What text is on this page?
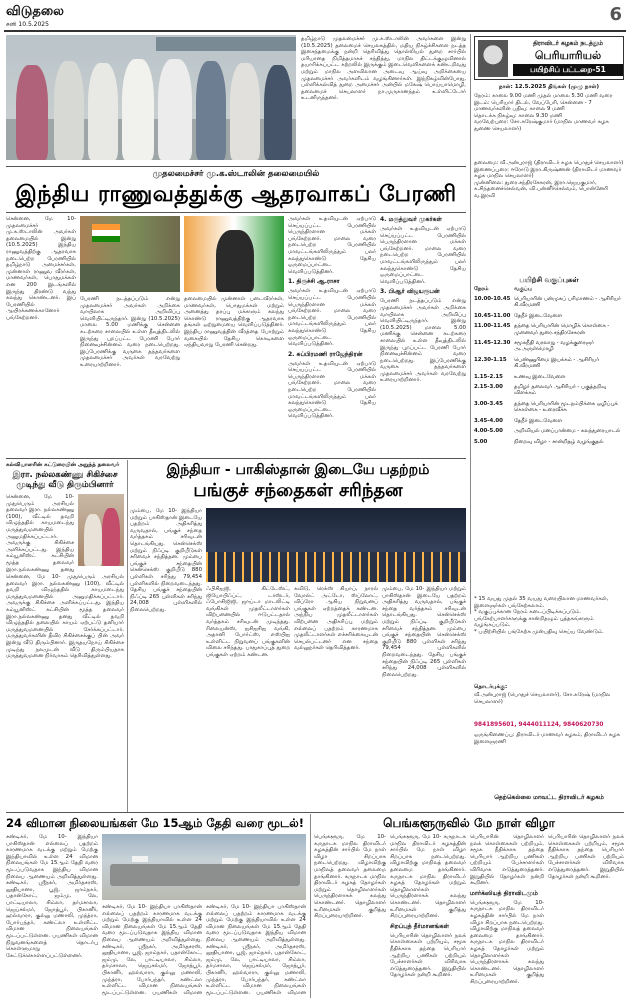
விடுதலை
சனி 10.5.2025	6
தமிழ்நாடு முதலமைச்சர் மு.க.ஸ்டாலின் அவர்களை இன்று (10.5.2025) தலைமைச் செயலகத்தில், மதிய நிகழ்ச்சிகளை நடத்த இசைந்தமைக்கு நன்றி தெரிவித்து தொல்லியல் துறை சார்பில் மரியாதை நிமித்தமாகச் சந்தித்து, மாநில திட்டக்குழுவினால் தயாரிக்கப்பட்ட கற்றலில் இருக்கும் இடைவெளிகளைக் கண்டறிவது மற்றும் மாநில அளவிலான அடைவு ஆய்வு அறிக்கையை முதலமைச்சர் அவர்களிடம் வழங்கினார்கள். இந்நிகழ்வின்போது, பள்ளிக்கல்வித் துறை அமைச்சர் அன்பில் மகேஷ் பொய்யாமொழி, தலைமைச் செயலாளர் நா.முருகானந்தம் உள்ளிட்டோர் உடனிருந்தனர்.
முதலமைச்சர் மு.க.ஸ்டாலின் தலைமையில்
இந்திய ராணுவத்துக்கு ஆதரவாகப் பேரணி
சென்னை, மே 10- முதலமைச்சர் மு.க.ஸ்டாலின் அவர்கள் தலைமையில் இன்று (10.5.2025) இந்திய ராணுவத்திற்கு ஆதரவாக நடைபெற்ற பேரணியில் தமிழ்நாடு அமைச்சர்கள், முன்னாள் ராணுவ வீரர்கள், மாணவர்கள், பொதுமக்கள் என 200 இடங்களில் இருந்து திரண்டு வந்து கலந்து கொண்டனர். இப் பேரணியில் ஆயிரக்கணக்கானோர் பங்கேற்றனர்.
பேரணி நடத்தப்படும் என்று முதலமைச்சர் அவர்கள் அறிக்கை வாயிலாக அறிவிப்பு வெளியிட்டிருந்தார். இன்று (10.5.2025) மாலை 5.00 மணிக்கு சென்னை கடற்கரை சாலையில் உள்ள தீவுத்திடலில் இருந்து புறப்பட்ட பேரணி போர் நினைவுச்சின்னம் வரை நடைபெற்றது. இப்பேரணிக்கு வருகை தந்தவர்களை முதலமைச்சர் அவர்கள் வரவேற்று உரையாற்றினார்.
தலைமையில் முன்னாள் படைவீரர்கள், மாணவர்கள், பொதுமக்கள் மற்றும் அனைத்து தரப்பு மக்களும் கலந்து கொண்டு ராணுவத்திற்கு ஆதரவாக தங்கள் ஒற்றுமையை வெளிப்படுத்தினர். இந்திய ராணுவத்தின் வீரத்தை போற்றும் வகையில் தேசிய கொடிகளை ஏந்தியவாறு பேரணி சென்றது.
அவர்கள் உதவியுடன் ஏற்பாடு செய்யப்பட்ட பேரணியில் பெருந்திரளான மக்கள் பங்கேற்றனர். மாலை வரை நடைபெற்ற பேரணியில் மாவட்டங்களிலிருந்தும் பலர் கலந்துகொண்டு தேசிய ஒருமைப்பாட்டை வெளிப்படுத்தினர்.
1. திருச்சி ஆ.ராசா
அவர்கள் உதவியுடன் ஏற்பாடு செய்யப்பட்ட பேரணியில் பெருந்திரளான மக்கள் பங்கேற்றனர். மாலை வரை நடைபெற்ற பேரணியில் மாவட்டங்களிலிருந்தும் பலர் கலந்துகொண்டு தேசிய ஒருமைப்பாட்டை வெளிப்படுத்தினர்.
2. சுப்பிரமணி ராஜேந்திரன்
அவர்கள் உதவியுடன் ஏற்பாடு செய்யப்பட்ட பேரணியில் பெருந்திரளான மக்கள் பங்கேற்றனர். மாலை வரை நடைபெற்ற பேரணியில் மாவட்டங்களிலிருந்தும் பலர் கலந்துகொண்டு தேசிய ஒருமைப்பாட்டை வெளிப்படுத்தினர்.
4. மருத்துவர் முகர்கள்
அவர்கள் உதவியுடன் ஏற்பாடு செய்யப்பட்ட பேரணியில் பெருந்திரளான மக்கள் பங்கேற்றனர். மாலை வரை நடைபெற்ற பேரணியில் மாவட்டங்களிலிருந்தும் பலர் கலந்துகொண்டு தேசிய ஒருமைப்பாட்டை வெளிப்படுத்தினர்.
3. பிஆர் விஜயரூபன்
பேரணி நடத்தப்படும் என்று முதலமைச்சர் அவர்கள் அறிக்கை வாயிலாக அறிவிப்பு வெளியிட்டிருந்தார். இன்று (10.5.2025) மாலை 5.00 மணிக்கு சென்னை கடற்கரை சாலையில் உள்ள தீவுத்திடலில் இருந்து புறப்பட்ட பேரணி போர் நினைவுச்சின்னம் வரை நடைபெற்றது. இப்பேரணிக்கு வருகை தந்தவர்களை முதலமைச்சர் அவர்கள் வரவேற்று உரையாற்றினார்.
கல்வியாளரின் கட்டுரையின் அறுந்த் தலைவர்
இரா. நல்லகண்ணு சிகிச்சை முடிந்து வீடு திரும்பினார்
சென்னை, மே 10- முதுபெரும் அரசியல் தலைவர் இரா. நல்லகண்ணு (100), வீட்டில் தவறி விழுந்ததில் காயமடைந்து மருத்துவமனையில் அனுமதிக்கப்பட்டார். அவருக்கு சிகிச்சை அளிக்கப்பட்டது. இந்திய கம்யூனிஸ்ட் கட்சியின் மூத்த தலைவர் இரா.நல்லகண்ணு தனது
சென்னை, மே 10- முதுபெரும் அரசியல் தலைவர் இரா. நல்லகண்ணு (100), வீட்டில் தவறி விழுந்ததில் காயமடைந்து மருத்துவமனையில் அனுமதிக்கப்பட்டார். அவருக்கு சிகிச்சை அளிக்கப்பட்டது. இந்திய கம்யூனிஸ்ட் கட்சியின் மூத்த தலைவர் இரா.நல்லகண்ணு தனது வீட்டில் தவறி விழுந்ததில் தலையில் காயம் ஏற்பட்டு தனியார் மருத்துவமனையில் சேர்க்கப்பட்டார். மருத்துவர்களின் தீவிர சிகிச்சைக்குப் பின் அவர் இன்று வீடு திரும்பினார். இருதயநோய் சிகிச்சை முடிந்து நலமுடன் வீடு திரும்பியதாக மருத்துவமனை நிர்வாகம் தெரிவித்துள்ளது.
இந்தியா - பாகிஸ்தான் இடையே பதற்றம்
பங்குச் சந்தைகள் சரிந்தன
மும்பை, மே 10- இந்தியா மற்றும் பாகிஸ்தான் இடையே பதற்றம் அதிகரித்து வருவதால், பங்குச் சந்தை வர்த்தகம் சரிவுடன் தொடங்கியது. சென்செக்ஸ் மற்றும் நிஃப்டி குறியீடுகள் சரிவைச் சந்தித்தன. மும்பை பங்குச் சந்தையின் சென்செக்ஸ் குறியீடு 880 புள்ளிகள் சரிந்து 79,454 புள்ளிகளில் நிறைவடைந்தது. தேசிய பங்குச் சந்தையின் நிஃப்டி 265 புள்ளிகள் சரிந்து 24,008 புள்ளிகளில் நிலைபெற்றது.
ஃபிசிஐஜி, கிட்டேஸ்ட், ஜியோபிஃப்ட், டாஸ்டர், ஃபோசிஜிஜி, ஜாய்டா மாடலிட்டி வங்கிகள் முதலீட்டாளர்கள் விற்பனையில் ஈடுபட்டதால் வர்த்தகம் சரிவுடன் முடிந்தது. ரிலையன்ஸ், ஐசிஐசிஐ வங்கி, அதானி போர்ட்ஸ், எஸ்பிஐ உள்ளிட்ட நிறுவனப் பங்குகளின் விலை சரிந்தது. பாதுகாப்புத் துறை பங்குகள் ஏற்றம் கண்டன.
கவிடு, ரெக்ஸ் கியாப், நாரல் வோல்ட் அட்டோ, ஸ்ப்லோட், விப்ரோ ஆகிய நிறுவனப் பங்குகள் ஏற்றத்தைக் கண்டன. அந்நிய முதலீட்டாளர்கள் விற்பனை அதிகரிப்பு மற்றும் எல்லைப் பதற்றம் காரணமாக முதலீட்டாளர்கள் எச்சரிக்கையுடன் செயல்பட்டனர் என சந்தை வல்லுநர்கள் தெரிவித்தனர்.
மும்பை, மே 10- இந்தியா மற்றும் பாகிஸ்தான் இடையே பதற்றம் அதிகரித்து வருவதால், பங்குச் சந்தை வர்த்தகம் சரிவுடன் தொடங்கியது. சென்செக்ஸ் மற்றும் நிஃப்டி குறியீடுகள் சரிவைச் சந்தித்தன. மும்பை பங்குச் சந்தையின் சென்செக்ஸ் குறியீடு 880 புள்ளிகள் சரிந்து 79,454 புள்ளிகளில் நிறைவடைந்தது. தேசிய பங்குச் சந்தையின் நிஃப்டி 265 புள்ளிகள் சரிந்து 24,008 புள்ளிகளில் நிலைபெற்றது.
திராவிடர் கழகம் நடத்தும்
பெரியாரியல்
பயிற்சிப் பட்டறை-51
நாள்: 12.5.2025 திங்கள் (முழு நாள்)
நேரம்: காலை 9.00 மணி முதல் மாலை 5.30 மணி வரை
இடம்: பெரியார் திடல், வேப்பேரி, சென்னை - 7
மாணவர்களின் பதிவு: காலை 9 மணி
தொடக்க நிகழ்வு: காலை 9.30 மணி
வரவேற்புரை: சோ.சுரேஷ்குமார் (மாநில மாணவர் கழக துணை செயலாளர்)
தலைமை: வீ.அன்புராஜ் (திராவிடர் கழக பொதுச் செயலாளர்)
இணைப்புரை: ஈரோடு இரா.கிருஷ்ணன் (திராவிடர் மாணவர் கழக மாநில செயலாளர்)
முன்னிலை: துரை.சந்திரசேகரன், இரா.ஜெயகுமார், க.சிந்தனைச்செல்வன், வி.பன்னீர்செல்வம், பொன்னேரி வ.இரவி
பயிற்சி வகுப்புகள்
நேரம்	வகுப்பு
10.00-10.45 பெரியாரின் பன்முகப் பரிமாணம் - ஆசிரியர் கி.வீரமணி
10.45-11.00 தேநீர் இடைவேளை
11.00-11.45 தந்தை பெரியாரின் மொழிக் கொள்கை - முனைவர் துரை.சந்திரசேகரன்
11.45-12.30 சமூகநீதி வரலாறு - வழக்குரைஞர் அ.அருள்மொழி
12.30-1.15	பெண்ணுரிமை இயக்கம் - ஆசிரியர் கி.வீரமணி
1.15-2.15	உணவு இடைவேளை
2.15-3.00	தமிழர் தலைவர் ஆசிரியர் - பகுத்தறிவு விளக்கம்
3.00-3.45	தந்தை பெரியாரின் மூடநம்பிக்கை ஒழிப்புக் கொள்கை - உரைவீச்சு
3.45-4.00	தேநீர் இடைவேளை
4.00-5.00	அறிவியல் மனப்பான்மை - கலந்துரையாடல்
5.00	நிறைவு விழா - சான்றிதழ் வழங்குதல்
* 15 வயது முதல் 35 வயது வரையிலான மாணவர்கள், இளைஞர்கள் பங்கேற்கலாம்.
* வகுப்புக்கான நேரம் கடைப்பிடிக்கப்படும். பங்கேற்பாளர்களுக்கு சான்றிதழும் புத்தகங்களும் வழங்கப்படும்.
* பயிற்சியில் பங்கேற்க முன்பதிவு செய்ய வேண்டும்.
தொடர்புக்கு:
வீ.அன்புராஜ் (பொதுச் செயலாளர்), சோ.சுரேஷ் (மாநில செயலாளர்)
9841895601, 9444011124, 9840620730
ஒருங்கிணைப்பு: திராவிடர் மாணவர் கழகம், திராவிடர் கழக இளைஞரணி
தெற்கெல்லை மாவட்ட திராவிடர் கழகம்
24 விமான நிலையங்கள் மே 15ஆம் தேதி வரை மூடல்!
சண்டிகர், மே 10- இந்தியா பாகிஸ்தான் எல்லைப் பதற்றம் காரணமாக வடக்கு மற்றும் மேற்கு இந்தியாவில் உள்ள 24 விமான நிலையங்கள் மே 15ஆம் தேதி வரை மூடப்படுவதாக இந்திய விமான நிலைய ஆணையம் அறிவித்துள்ளது. சண்டிகர், ஸ்ரீநகர், அமிர்தசரஸ், லூதியானா, பூஜ், ஜாம்நகர், பதான்கோட், ஜம்மு, லே, பாட்டியாலா, சிம்லா, தர்மசாலா, ஜெய்சல்மர், ஜோத்பூர், பிகானீர், ஹல்வாரா, குல்லு மணாலி, முந்த்ரா, போர்பந்தர், கண்ட்லா உள்ளிட்ட விமான நிலையங்கள் மூடப்பட்டுள்ளன. பயணிகள் விமான நிறுவனங்களைத் தொடர்பு கொள்ளுமாறு கேட்டுக்கொள்ளப்பட்டுள்ளனர்.
சண்டிகர், மே 10- இந்தியா பாகிஸ்தான் எல்லைப் பதற்றம் காரணமாக வடக்கு மற்றும் மேற்கு இந்தியாவில் உள்ள 24 விமான நிலையங்கள் மே 15ஆம் தேதி வரை மூடப்படுவதாக இந்திய விமான நிலைய ஆணையம் அறிவித்துள்ளது. சண்டிகர், ஸ்ரீநகர், அமிர்தசரஸ், லூதியானா, பூஜ், ஜாம்நகர், பதான்கோட், ஜம்மு, லே, பாட்டியாலா, சிம்லா, தர்மசாலா, ஜெய்சல்மர், ஜோத்பூர், பிகானீர், ஹல்வாரா, குல்லு மணாலி, முந்த்ரா, போர்பந்தர், கண்ட்லா உள்ளிட்ட விமான நிலையங்கள் மூடப்பட்டுள்ளன. பயணிகள் விமான
சண்டிகர், மே 10- இந்தியா பாகிஸ்தான் எல்லைப் பதற்றம் காரணமாக வடக்கு மற்றும் மேற்கு இந்தியாவில் உள்ள 24 விமான நிலையங்கள் மே 15ஆம் தேதி வரை மூடப்படுவதாக இந்திய விமான நிலைய ஆணையம் அறிவித்துள்ளது. சண்டிகர், ஸ்ரீநகர், அமிர்தசரஸ், லூதியானா, பூஜ், ஜாம்நகர், பதான்கோட், ஜம்மு, லே, பாட்டியாலா, சிம்லா, தர்மசாலா, ஜெய்சல்மர், ஜோத்பூர், பிகானீர், ஹல்வாரா, குல்லு மணாலி, முந்த்ரா, போர்பந்தர், கண்ட்லா உள்ளிட்ட விமான நிலையங்கள் மூடப்பட்டுள்ளன. பயணிகள் விமான
பெங்களூருவில் மே நாள் விழா
பெங்களூரு, மே 10- கருநாடக மாநில திராவிடர் கழகத்தின் சார்பில் மே நாள் விழா சிறப்பாக நடைபெற்றது. விழாவிற்கு மாநிலத் தலைவர் தலைமை தாங்கினார். கருநாடக மாநில திராவிடர் கழகத் தோழர்கள் மற்றும் தொழிலாளர்கள் பெருந்திரளாகக் கலந்து கொண்டனர். தொழிலாளர் உரிமைகள் குறித்து சிறப்புரையாற்றினர்.
பெங்களூரு, மே 10- கருநாடக மாநில திராவிடர் கழகத்தின் சார்பில் மே நாள் விழா சிறப்பாக நடைபெற்றது. விழாவிற்கு மாநிலத் தலைவர் தலைமை தாங்கினார். கருநாடக மாநில திராவிடர் கழகத் தோழர்கள் மற்றும் தொழிலாளர்கள் பெருந்திரளாகக் கலந்து கொண்டனர். தொழிலாளர் உரிமைகள் குறித்து சிறப்புரையாற்றினர்.
சிறப்புத் தீர்மானங்கள்
பெரியாரின் தொழிலாளர் நலக் கொள்கைகள் பற்றியும், சமூக நீதிக்காக தந்தை பெரியார் ஆற்றிய பணிகள் பற்றியும் பேச்சாளர்கள் விரிவாக எடுத்துரைத்தனர். இறுதியில் தோழர்கள் நன்றி கூறினர்.
பெரியாரின் தொழிலாளர் நலக் கொள்கைகள் பற்றியும், சமூக நீதிக்காக தந்தை பெரியார் ஆற்றிய பணிகள் பற்றியும் பேச்சாளர்கள் விரிவாக எடுத்துரைத்தனர். இறுதியில் தோழர்கள் நன்றி கூறினர்.
மார்க்ஸியத் திராவிடமும்
பெங்களூரு, மே 10- கருநாடக மாநில திராவிடர் கழகத்தின் சார்பில் மே நாள் விழா சிறப்பாக நடைபெற்றது. விழாவிற்கு மாநிலத் தலைவர் தலைமை தாங்கினார். கருநாடக மாநில திராவிடர் கழகத் தோழர்கள் மற்றும் தொழிலாளர்கள் பெருந்திரளாகக் கலந்து கொண்டனர். தொழிலாளர் உரிமைகள் குறித்து சிறப்புரையாற்றினர்.
பெரியாரின் தொழிலாளர் நலக் கொள்கைகள் பற்றியும், சமூக நீதிக்காக தந்தை பெரியார் ஆற்றிய பணிகள் பற்றியும் பேச்சாளர்கள் விரிவாக எடுத்துரைத்தனர். இறுதியில் தோழர்கள் நன்றி கூறினர்.
